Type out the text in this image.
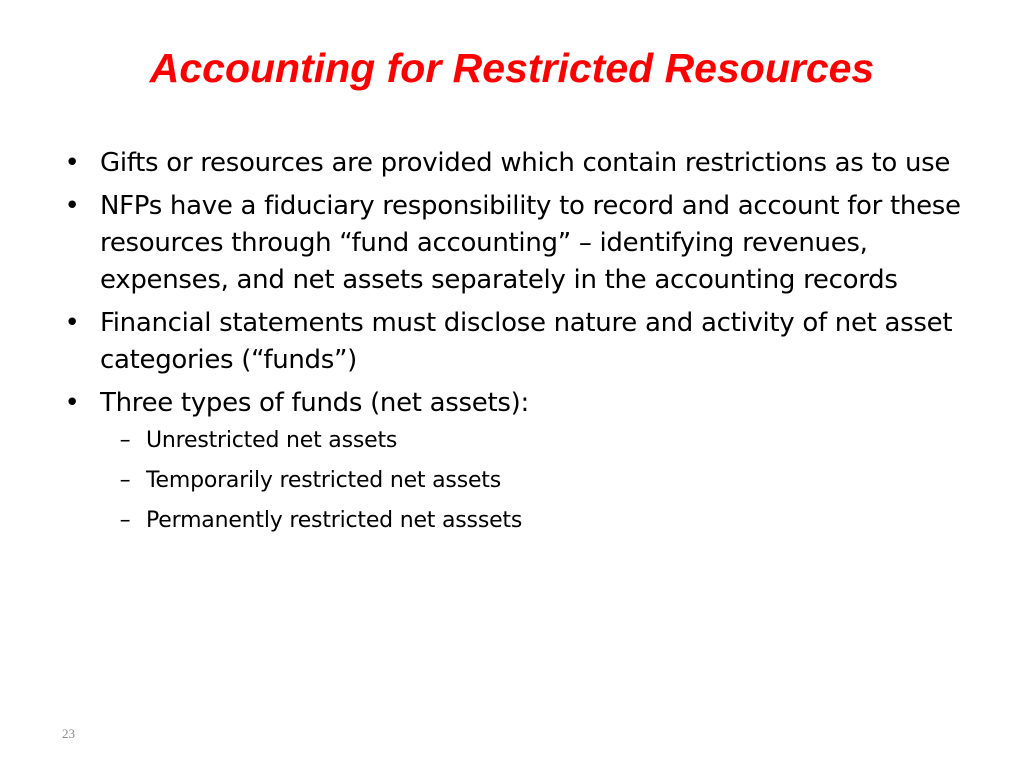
Accounting for Restricted Resources
• Gifts or resources are provided which contain restrictions as to use
• NFPs have a fiduciary responsibility to record and account for these resources through “fund accounting” – identifying revenues, expenses, and net assets separately in the accounting records
• Financial statements must disclose nature and activity of net asset categories (“funds”)
• Three types of funds (net assets):
– Unrestricted net assets
– Temporarily restricted net assets
– Permanently restricted net asssets
23
